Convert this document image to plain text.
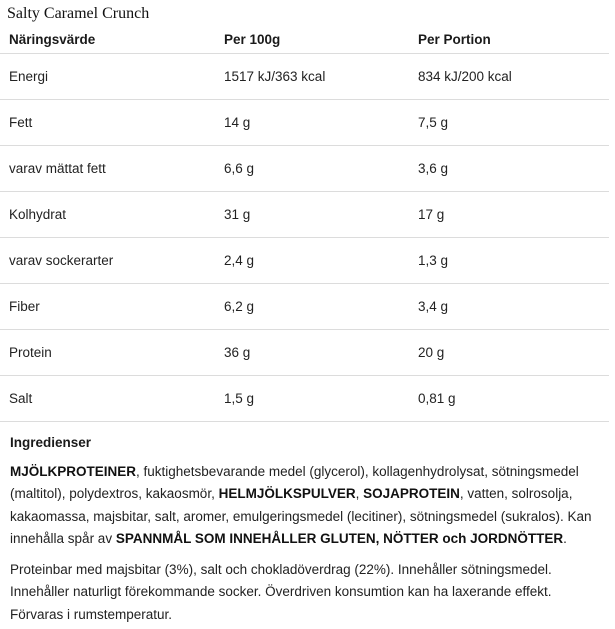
Salty Caramel Crunch
Näringsvärde	Per 100g	Per Portion
Energi	1517 kJ/363 kcal	834 kJ/200 kcal
Fett	14 g	7,5 g
varav mättat fett	6,6 g	3,6 g
Kolhydrat	31 g	17 g
varav sockerarter	2,4 g	1,3 g
Fiber	6,2 g	3,4 g
Protein	36 g	20 g
Salt	1,5 g	0,81 g
Ingredienser
MJÖLKPROTEINER, fuktighetsbevarande medel (glycerol), kollagenhydrolysat, sötningsmedel (maltitol), polydextros, kakaosmör, HELMJÖLKSPULVER, SOJAPROTEIN, vatten, solrosolja, kakaomassa, majsbitar, salt, aromer, emulgeringsmedel (lecitiner), sötningsmedel (sukralos). Kan innehålla spår av SPANNMÅL SOM INNEHÅLLER GLUTEN, NÖTTER och JORDNÖTTER.
Proteinbar med majsbitar (3%), salt och chokladöverdrag (22%). Innehåller sötningsmedel. Innehåller naturligt förekommande socker. Överdriven konsumtion kan ha laxerande effekt. Förvaras i rumstemperatur.
